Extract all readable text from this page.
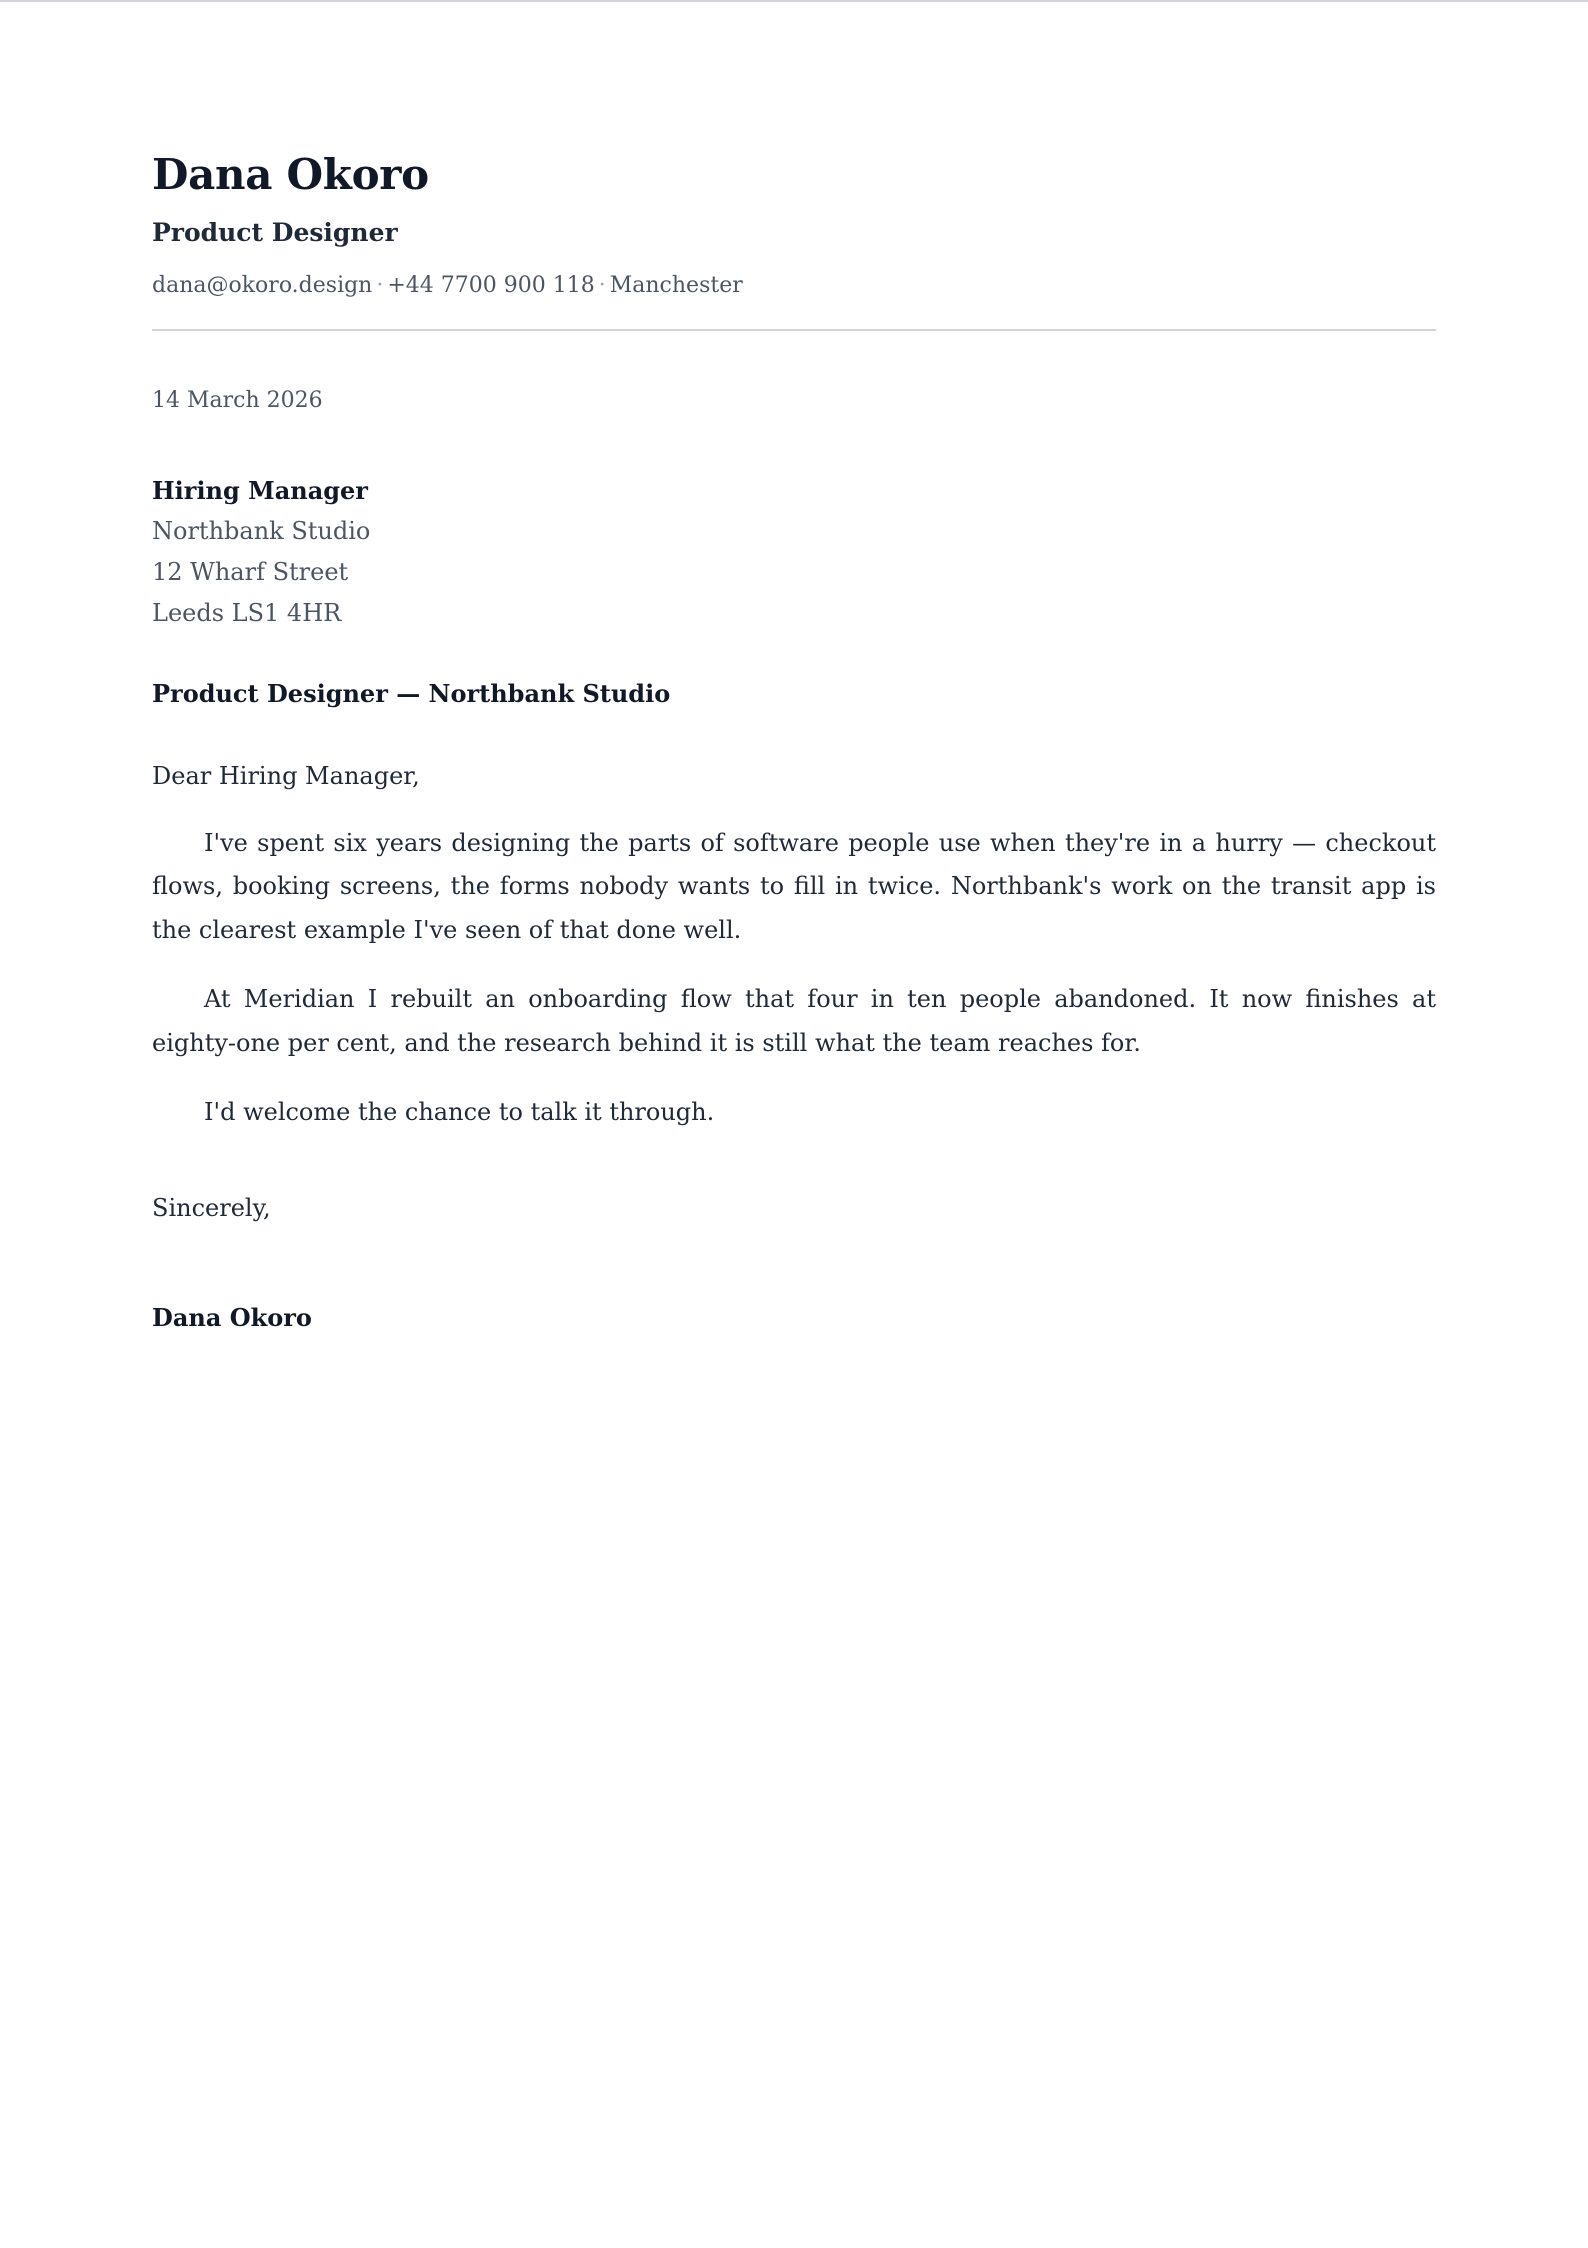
Dana Okoro
Product Designer
dana@okoro.design · +44 7700 900 118 · Manchester
14 March 2026
Hiring Manager
Northbank Studio
12 Wharf Street
Leeds LS1 4HR
Product Designer — Northbank Studio
Dear Hiring Manager,

I've spent six years designing the parts of software people use when they're in a hurry — checkout flows, booking screens, the forms nobody wants to fill in twice. Northbank's work on the transit app is the clearest example I've seen of that done well.

At Meridian I rebuilt an onboarding flow that four in ten people abandoned. It now finishes at eighty-one per cent, and the research behind it is still what the team reaches for.

I'd welcome the chance to talk it through.

Sincerely,
Dana Okoro
